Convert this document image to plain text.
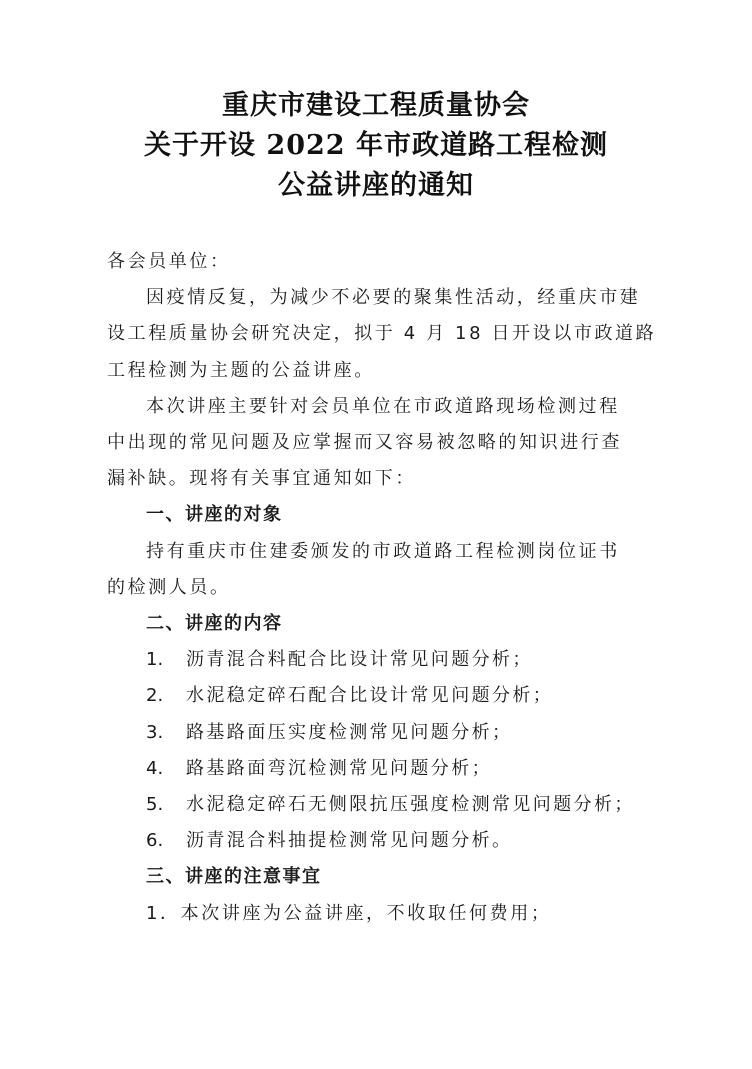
重庆市建设工程质量协会
关于开设 2022 年市政道路工程检测
公益讲座的通知
各会员单位：
因疫情反复，为减少不必要的聚集性活动，经重庆市建
设工程质量协会研究决定，拟于 4 月 18 日开设以市政道路
工程检测为主题的公益讲座。
本次讲座主要针对会员单位在市政道路现场检测过程
中出现的常见问题及应掌握而又容易被忽略的知识进行查
漏补缺。现将有关事宜通知如下：
一、讲座的对象
持有重庆市住建委颁发的市政道路工程检测岗位证书
的检测人员。
二、讲座的内容
1.	沥青混合料配合比设计常见问题分析；
2.	水泥稳定碎石配合比设计常见问题分析；
3.	路基路面压实度检测常见问题分析；
4.	路基路面弯沉检测常见问题分析；
5.	水泥稳定碎石无侧限抗压强度检测常见问题分析；
6.	沥青混合料抽提检测常见问题分析。
三、讲座的注意事宜
1．本次讲座为公益讲座，不收取任何费用；
